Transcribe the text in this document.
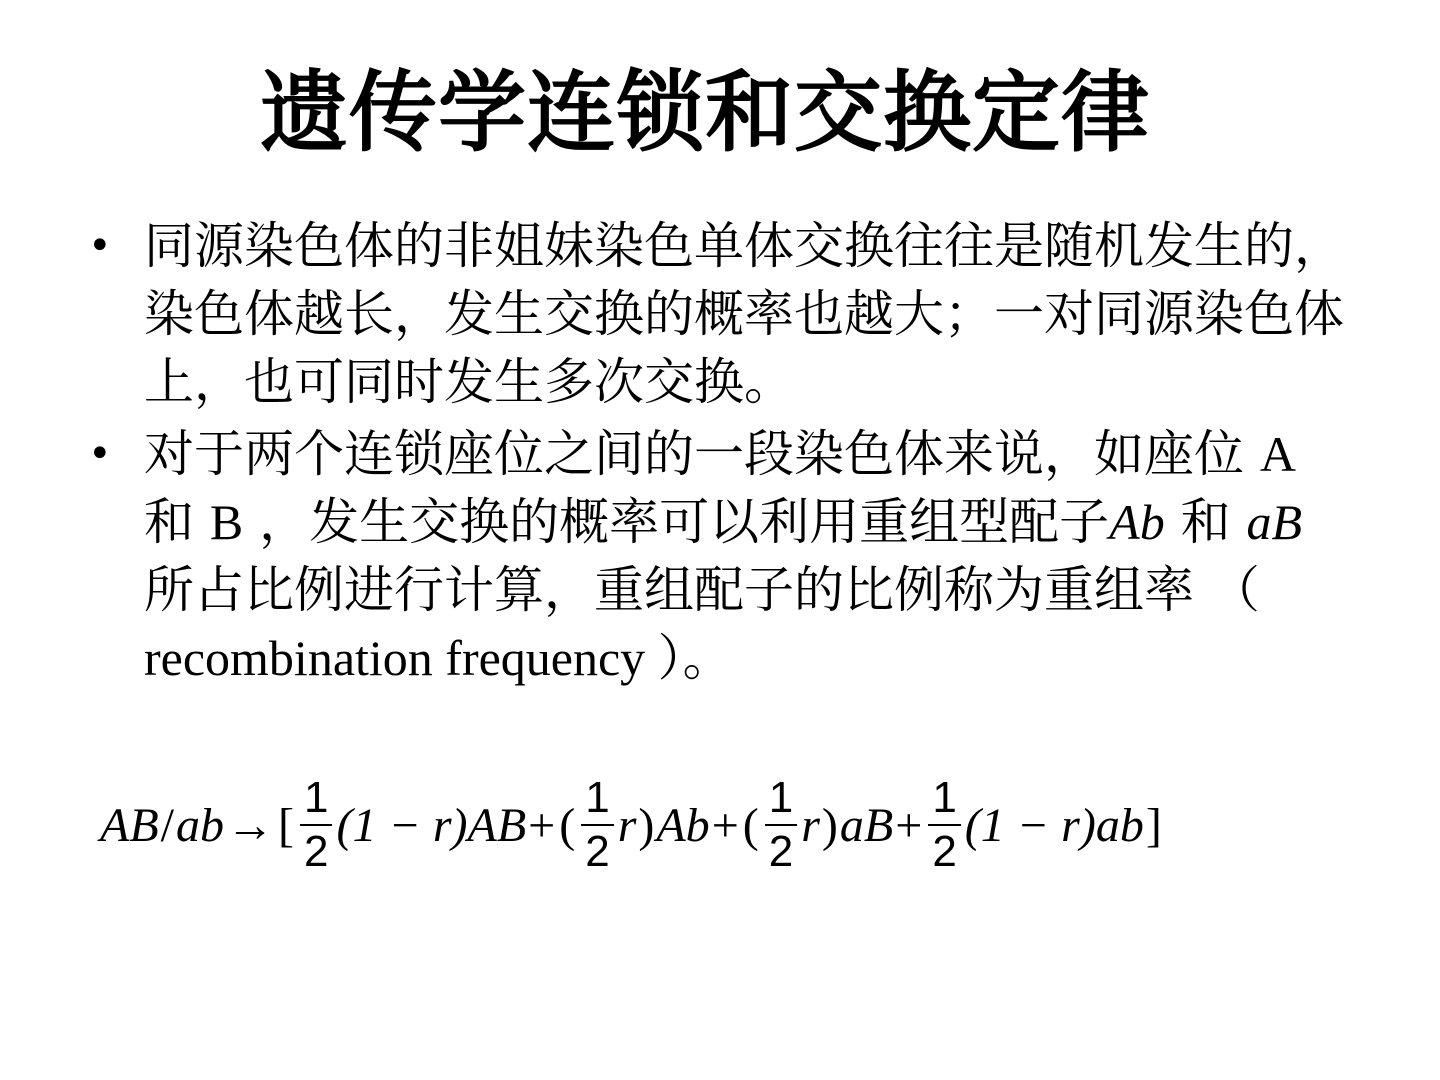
遗传学连锁和交换定律
• 同源染色体的非姐妹染色单体交换往往是随机发生的，染色体越长，发生交换的概率也越大；一对同源染色体上，也可同时发生多次交换。
• 对于两个连锁座位之间的一段染色体来说，如座位 A 和 B ，发生交换的概率可以利用重组型配子Ab 和 aB 所占比例进行计算，重组配子的比例称为重组率 （ recombination frequency ）。
AB / ab → [ $\frac{1}{2} (1 - r)$ AB + ( $\frac{1}{2}$ r ) Ab + ( $\frac{1}{2}$ r ) aB + $\frac{1}{2} (1 - r)$ ab ]
